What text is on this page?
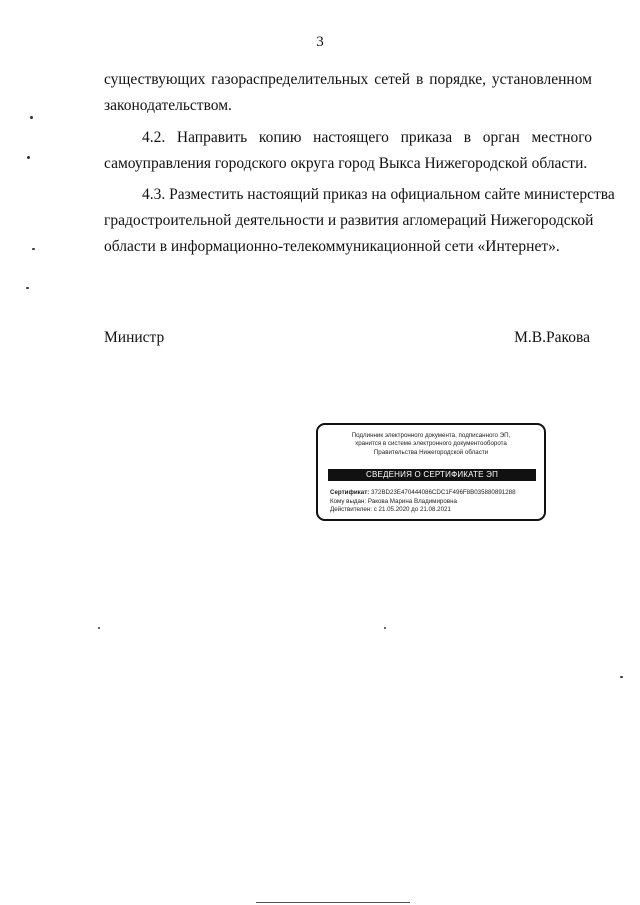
3

существующих газораспределительных сетей в порядке, установленном
законодательством.

4.2. Направить копию настоящего приказа в орган местного
самоуправления городского округа город Выкса Нижегородской области.

4.3. Разместить настоящий приказ на официальном сайте министерства
градостроительной деятельности и развития агломераций Нижегородской
области в информационно-телекоммуникационной сети «Интернет».

Министр	М.В.Ракова
Подлинник электронного документа, подписанного ЭП,
хранится в системе электронного документооборота
Правительства Нижегородской области
СВЕДЕНИЯ О СЕРТИФИКАТЕ ЭП
Сертификат: 372BD23E470444086CDC1F496F8B035880891288
Кому выдан: Ракова Марина Владимировна
Действителен: с 21.05.2020 до 21.08.2021
